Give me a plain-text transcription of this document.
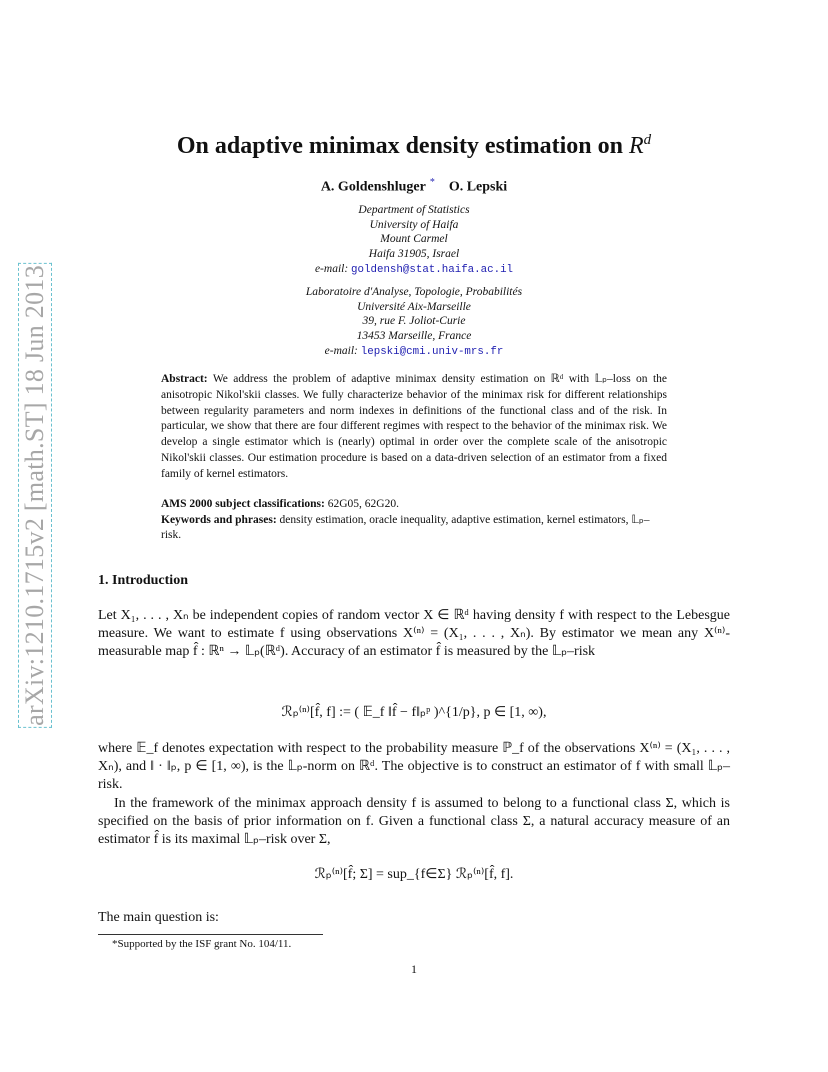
arXiv:1210.1715v2 [math.ST] 18 Jun 2013
On adaptive minimax density estimation on $R^d$
A. Goldenshluger * O. Lepski
Department of Statistics
University of Haifa
Mount Carmel
Haifa 31905, Israel
e-mail: goldensh@stat.haifa.ac.il
Laboratoire d'Analyse, Topologie, Probabilités
Université Aix-Marseille
39, rue F. Joliot-Curie
13453 Marseille, France
e-mail: lepski@cmi.univ-mrs.fr
Abstract: We address the problem of adaptive minimax density estimation on ℝᵈ with 𝕃ₚ–loss on the anisotropic Nikol'skii classes. We fully characterize behavior of the minimax risk for different relationships between regularity parameters and norm indexes in definitions of the functional class and of the risk. In particular, we show that there are four different regimes with respect to the behavior of the minimax risk. We develop a single estimator which is (nearly) optimal in order over the complete scale of the anisotropic Nikol'skii classes. Our estimation procedure is based on a data-driven selection of an estimator from a fixed family of kernel estimators.
AMS 2000 subject classifications: 62G05, 62G20.
Keywords and phrases: density estimation, oracle inequality, adaptive estimation, kernel estimators, 𝕃ₚ–risk.
1. Introduction
Let X₁, . . . , Xₙ be independent copies of random vector X ∈ ℝᵈ having density f with respect to the Lebesgue measure. We want to estimate f using observations X⁽ⁿ⁾ = (X₁, . . . , Xₙ). By estimator we mean any X⁽ⁿ⁾-measurable map f̂ : ℝⁿ → 𝕃ₚ(ℝᵈ). Accuracy of an estimator f̂ is measured by the 𝕃ₚ–risk
ℛₚ⁽ⁿ⁾[f̂, f] := ( 𝔼_f ‖f̂ − f‖ₚᵖ )^{1/p}, p ∈ [1, ∞),
where 𝔼_f denotes expectation with respect to the probability measure ℙ_f of the observations X⁽ⁿ⁾ = (X₁, . . . , Xₙ), and ‖ · ‖ₚ, p ∈ [1, ∞), is the 𝕃ₚ-norm on ℝᵈ. The objective is to construct an estimator of f with small 𝕃ₚ–risk.
In the framework of the minimax approach density f is assumed to belong to a functional class Σ, which is specified on the basis of prior information on f. Given a functional class Σ, a natural accuracy measure of an estimator f̂ is its maximal 𝕃ₚ–risk over Σ,
ℛₚ⁽ⁿ⁾[f̂; Σ] = sup_{f∈Σ} ℛₚ⁽ⁿ⁾[f̂, f].
The main question is:
*Supported by the ISF grant No. 104/11.
1
